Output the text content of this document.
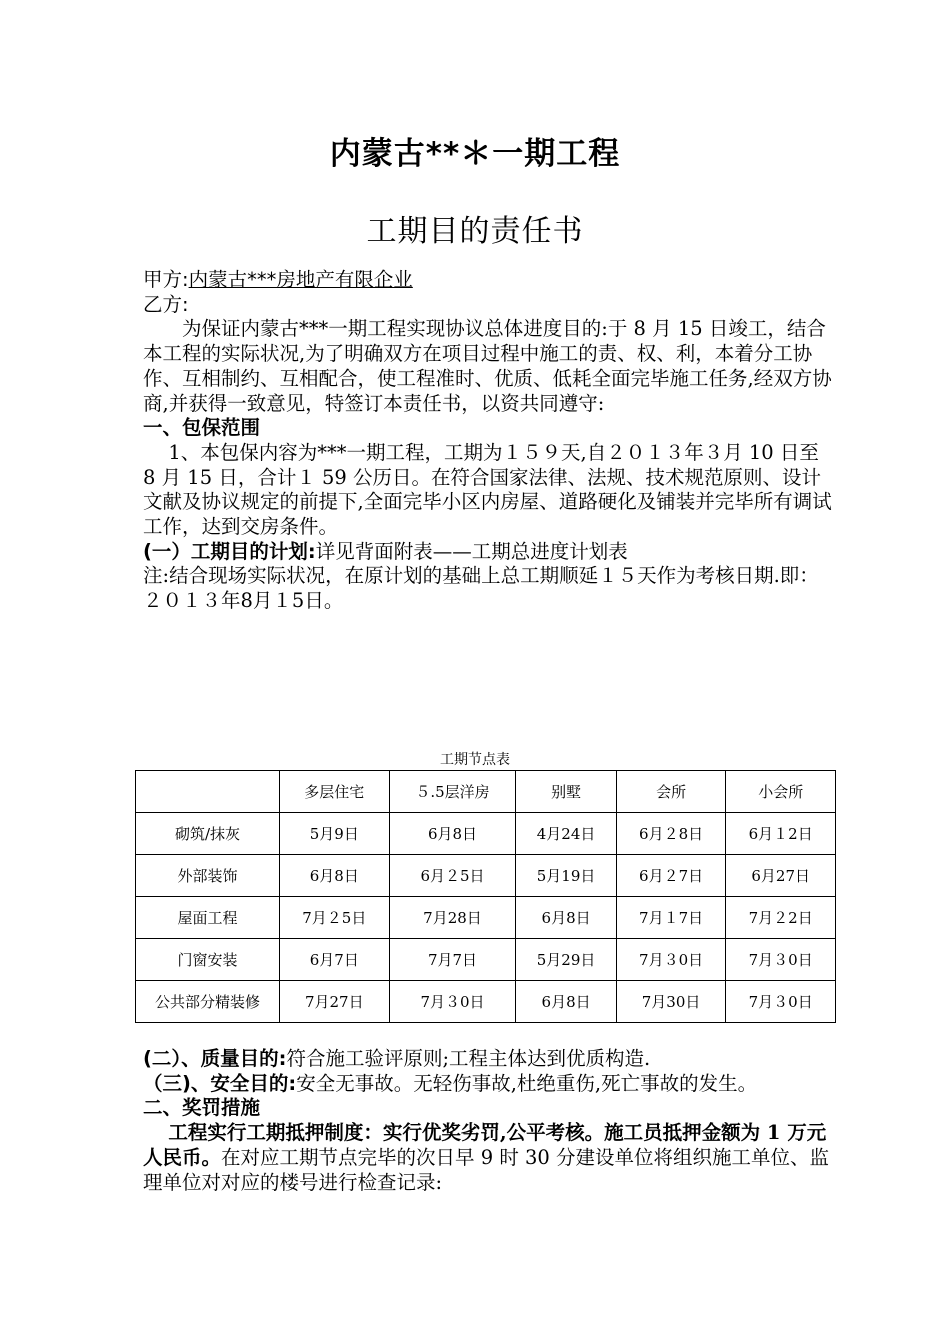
内蒙古**＊一期工程
工期目的责任书

甲方:内蒙古***房地产有限企业

乙方:

为保证内蒙古***一期工程实现协议总体进度目的:于 8 月 15 日竣工，结合本工程的实际状况,为了明确双方在项目过程中施工的责、权、利，本着分工协作、互相制约、互相配合，使工程准时、优质、低耗全面完毕施工任务,经双方协商,并获得一致意见，特签订本责任书，以资共同遵守:

一、包保范围

1、本包保内容为***一期工程，工期为１５９天,自２０１３年３月 10 日至 8 月 15 日，合计１ 59 公历日。在符合国家法律、法规、技术规范原则、设计文献及协议规定的前提下,全面完毕小区内房屋、道路硬化及铺装并完毕所有调试工作，达到交房条件。

(一）工期目的计划:详见背面附表——工期总进度计划表

注:结合现场实际状况，在原计划的基础上总工期顺延１５天作为考核日期.即：２０１３年8月１5日。

工期节点表
	多层住宅	５.5层洋房	别墅	会所	小会所
砌筑/抹灰	5月9日	6月8日	4月24日	6月２8日	6月１2日
外部装饰	6月8日	6月２5日	5月19日	6月２7日	6月27日
屋面工程	7月２5日	7月28日	6月8日	7月１7日	7月２2日
门窗安装	6月7日	7月7日	5月29日	7月３0日	7月３0日
公共部分精装修	7月27日	7月３0日	6月8日	7月30日	7月３0日

(二）、质量目的:符合施工验评原则;工程主体达到优质构造.

（三)、安全目的:安全无事故。无轻伤事故,杜绝重伤,死亡事故的发生。

二、奖罚措施

工程实行工期抵押制度：实行优奖劣罚,公平考核。施工员抵押金额为 1 万元人民币。在对应工期节点完毕的次日早 9 时 30 分建设单位将组织施工单位、监理单位对对应的楼号进行检查记录:
